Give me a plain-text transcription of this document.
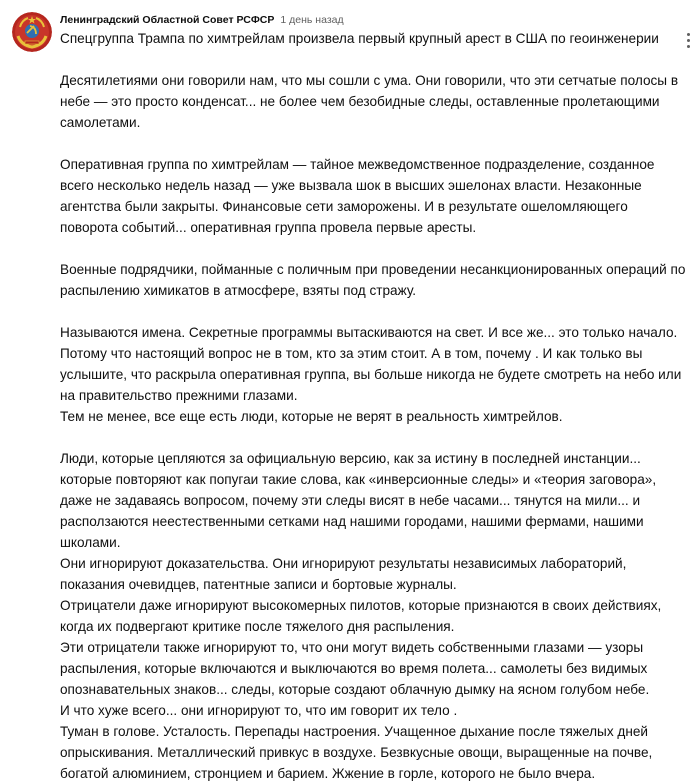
Ленинградский Областной Совет РСФСР 1 день назад

Спецгруппа Трампа по химтрейлам произвела первый крупный арест в США по геоинженерии

Десятилетиями они говорили нам, что мы сошли с ума. Они говорили, что эти сетчатые полосы в небе — это просто конденсат... не более чем безобидные следы, оставленные пролетающими самолетами.

Оперативная группа по химтрейлам — тайное межведомственное подразделение, созданное всего несколько недель назад — уже вызвала шок в высших эшелонах власти. Незаконные агентства были закрыты. Финансовые сети заморожены. И в результате ошеломляющего поворота событий... оперативная группа провела первые аресты.

Военные подрядчики, пойманные с поличным при проведении несанкционированных операций по распылению химикатов в атмосфере, взяты под стражу.

Называются имена. Секретные программы вытаскиваются на свет. И все же... это только начало.

Потому что настоящий вопрос не в том, кто за этим стоит. А в том, почему . И как только вы услышите, что раскрыла оперативная группа, вы больше никогда не будете смотреть на небо или на правительство прежними глазами.

Тем не менее, все еще есть люди, которые не верят в реальность химтрейлов.

Люди, которые цепляются за официальную версию, как за истину в последней инстанции... которые повторяют как попугаи такие слова, как «инверсионные следы» и «теория заговора», даже не задаваясь вопросом, почему эти следы висят в небе часами... тянутся на мили... и расползаются неестественными сетками над нашими городами, нашими фермами, нашими школами.

Они игнорируют доказательства. Они игнорируют результаты независимых лабораторий, показания очевидцев, патентные записи и бортовые журналы.

Отрицатели даже игнорируют высокомерных пилотов, которые признаются в своих действиях, когда их подвергают критике после тяжелого дня распыления.

Эти отрицатели также игнорируют то, что они могут видеть собственными глазами — узоры распыления, которые включаются и выключаются во время полета... самолеты без видимых опознавательных знаков... следы, которые создают облачную дымку на ясном голубом небе.

И что хуже всего... они игнорируют то, что им говорит их тело .

Туман в голове. Усталость. Перепады настроения. Учащенное дыхание после тяжелых дней опрыскивания. Металлический привкус в воздухе. Безвкусные овощи, выращенные на почве, богатой алюминием, стронцием и барием. Жжение в горле, которого не было вчера.
